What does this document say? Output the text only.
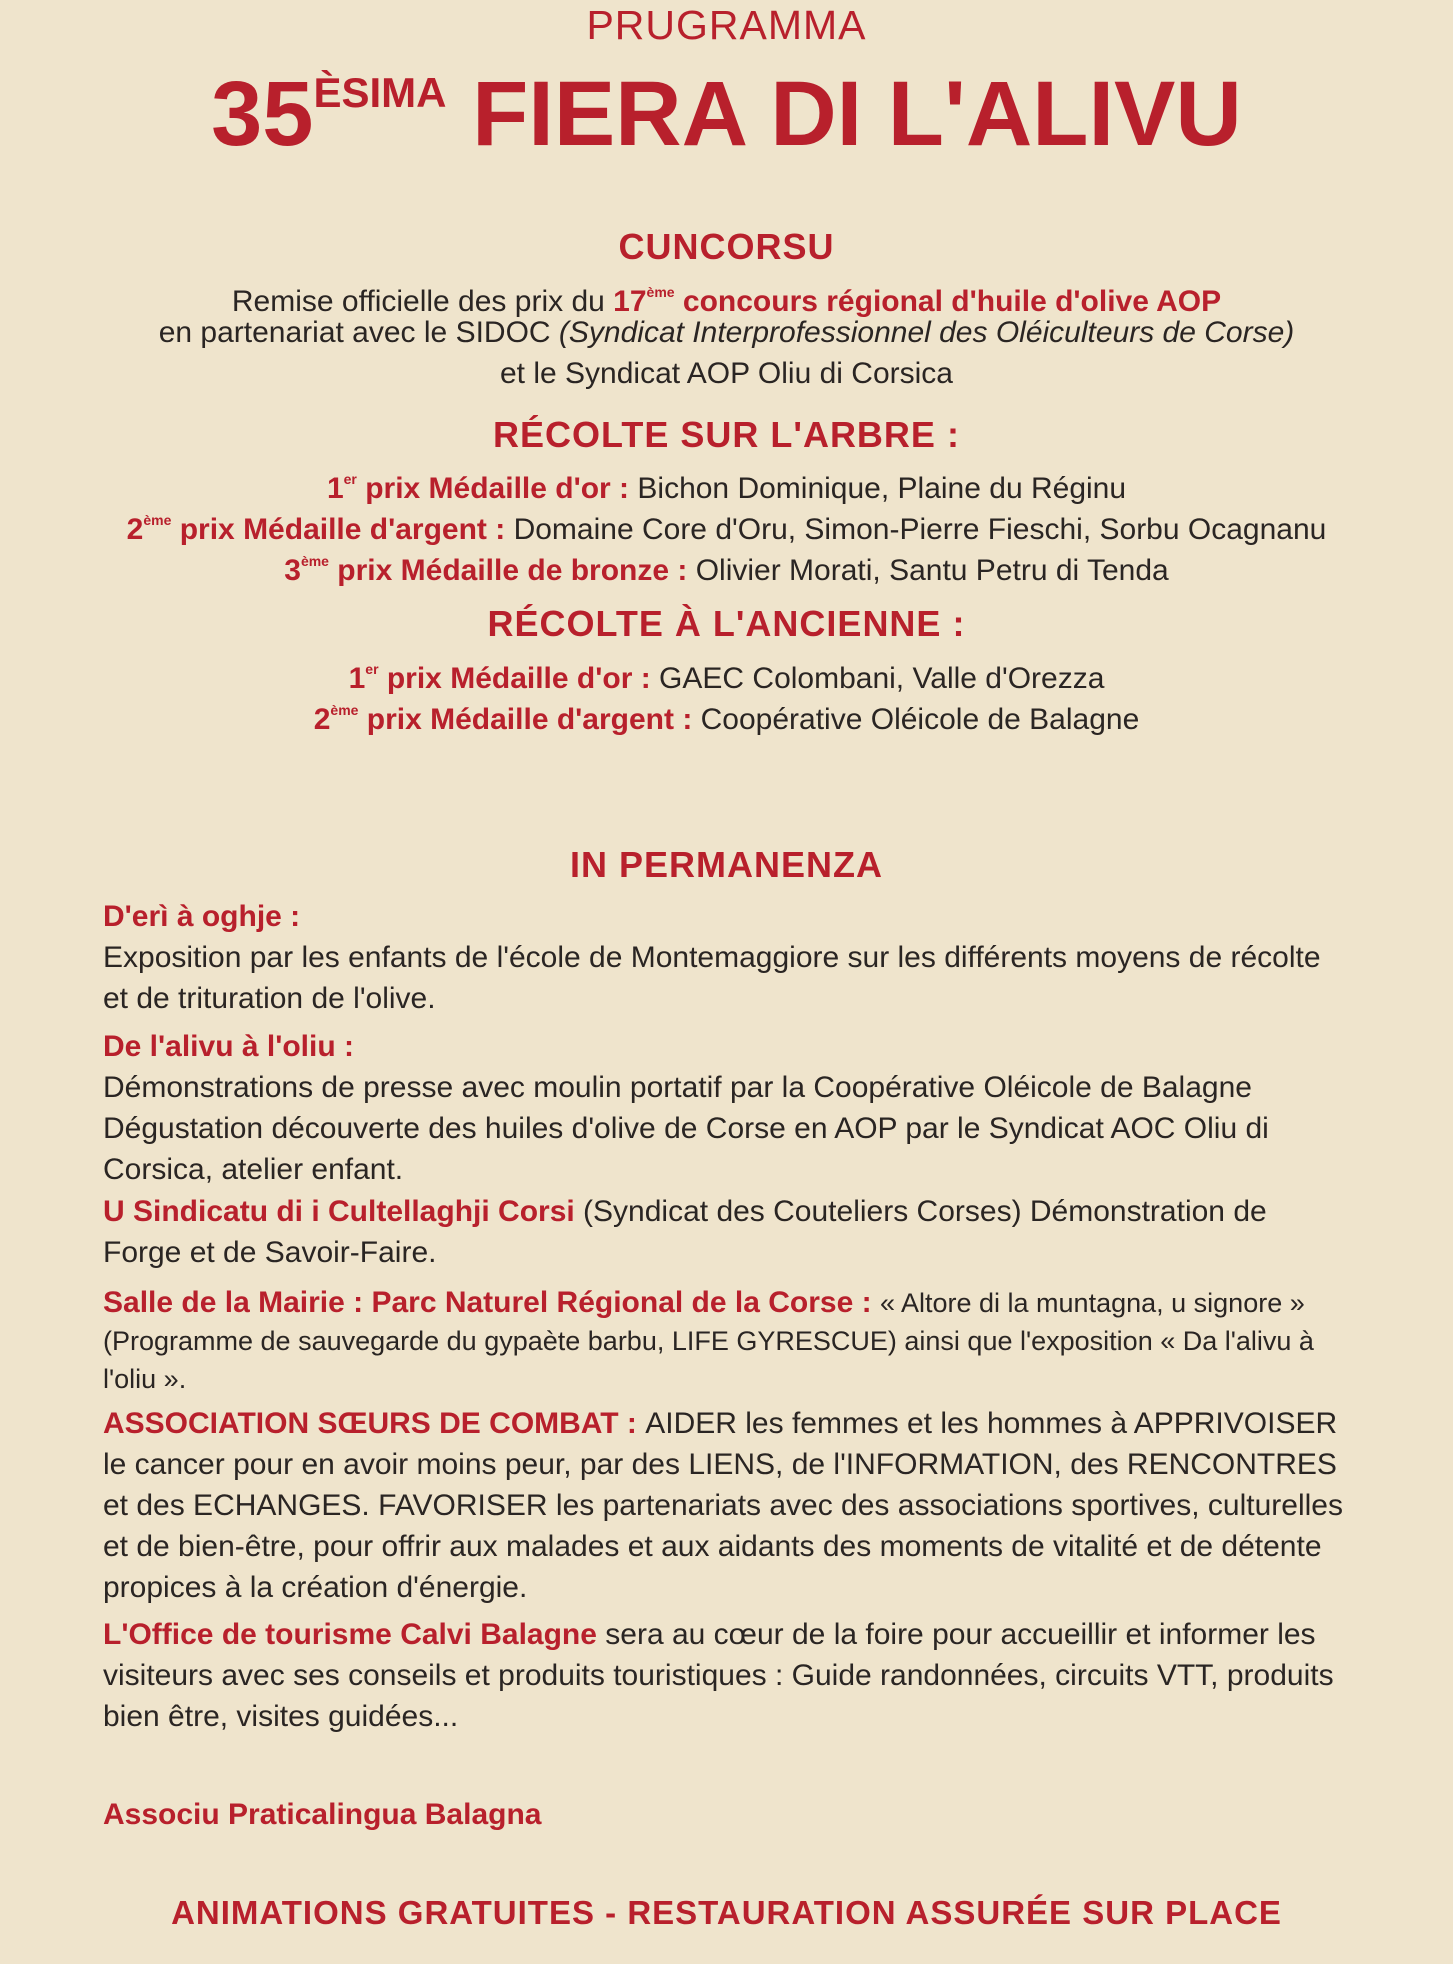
PRUGRAMMA
$35^{ÈSIMA}$ FIERA DI L'ALIVU
CUNCORSU
Remise officielle des prix du 17ème concours régional d'huile d'olive AOP
en partenariat avec le SIDOC (Syndicat Interprofessionnel des Oléiculteurs de Corse)
et le Syndicat AOP Oliu di Corsica
RÉCOLTE SUR L'ARBRE :
1er prix Médaille d'or : Bichon Dominique, Plaine du Réginu
2ème prix Médaille d'argent : Domaine Core d'Oru, Simon-Pierre Fieschi, Sorbu Ocagnanu
3ème prix Médaille de bronze : Olivier Morati, Santu Petru di Tenda
RÉCOLTE À L'ANCIENNE :
1er prix Médaille d'or : GAEC Colombani, Valle d'Orezza
2ème prix Médaille d'argent : Coopérative Oléicole de Balagne
IN PERMANENZA
D'erì à oghje :
Exposition par les enfants de l'école de Montemaggiore sur les différents moyens de récolte et de trituration de l'olive.
De l'alivu à l'oliu :
Démonstrations de presse avec moulin portatif par la Coopérative Oléicole de Balagne Dégustation découverte des huiles d'olive de Corse en AOP par le Syndicat AOC Oliu di Corsica, atelier enfant.
U Sindicatu di i Cultellaghji Corsi (Syndicat des Couteliers Corses) Démonstration de Forge et de Savoir-Faire.
Salle de la Mairie : Parc Naturel Régional de la Corse : « Altore di la muntagna, u signore » (Programme de sauvegarde du gypaète barbu, LIFE GYRESCUE) ainsi que l'exposition « Da l'alivu à l'oliu ».
ASSOCIATION SŒURS DE COMBAT : AIDER les femmes et les hommes à APPRIVOISER le cancer pour en avoir moins peur, par des LIENS, de l'INFORMATION, des RENCONTRES et des ECHANGES. FAVORISER les partenariats avec des associations sportives, culturelles et de bien-être, pour offrir aux malades et aux aidants des moments de vitalité et de détente propices à la création d'énergie.
L'Office de tourisme Calvi Balagne sera au cœur de la foire pour accueillir et informer les visiteurs avec ses conseils et produits touristiques : Guide randonnées, circuits VTT, produits bien être, visites guidées...
Associu Praticalingua Balagna
ANIMATIONS GRATUITES - RESTAURATION ASSURÉE SUR PLACE
